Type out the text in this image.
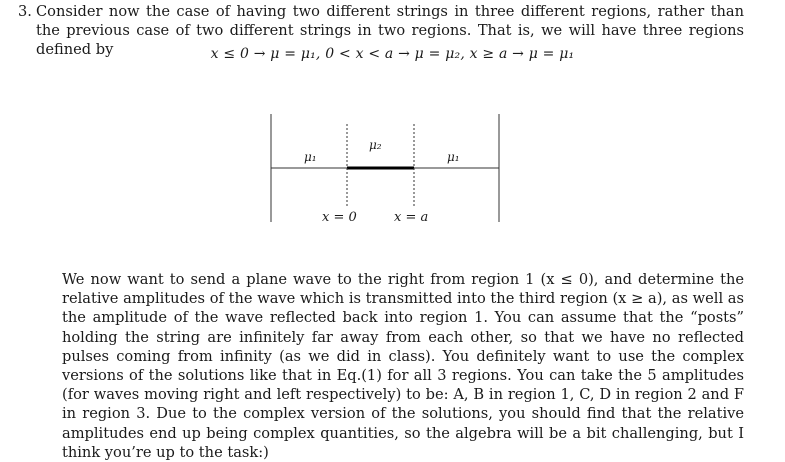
3. Consider now the case of having two different strings in three different regions, rather than the previous case of two different strings in two regions. That is, we will have three regions defined by	x ≤ 0 → μ = μ₁, 0 < x < a → μ = μ₂, x ≥ a → μ = μ₁
μ₁
μ₂
μ₁
x = 0	x = a
We now want to send a plane wave to the right from region 1 (x ≤ 0), and determine the relative amplitudes of the wave which is transmitted into the third region (x ≥ a), as well as the amplitude of the wave reflected back into region 1. You can assume that the “posts” holding the string are infinitely far away from each other, so that we have no reflected pulses coming from infinity (as we did in class). You definitely want to use the complex versions of the solutions like that in Eq.(1) for all 3 regions. You can take the 5 amplitudes (for waves moving right and left respectively) to be: A, B in region 1, C, D in region 2 and F in region 3. Due to the complex version of the solutions, you should find that the relative amplitudes end up being complex quantities, so the algebra will be a bit challenging, but I think you’re up to the task:)
